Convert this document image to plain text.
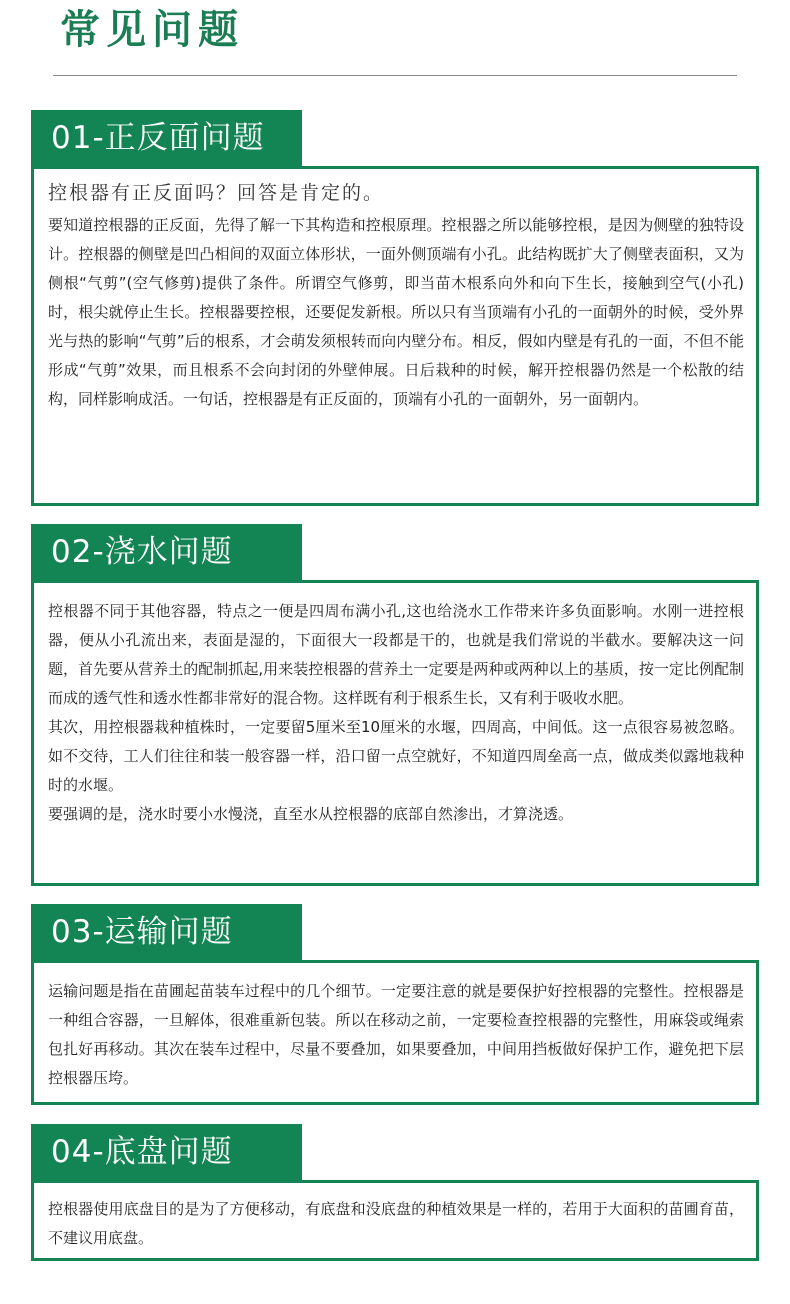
常见问题
01-正反面问题
控根器有正反面吗？回答是肯定的。

要知道控根器的正反面，先得了解一下其构造和控根原理。控根器之所以能够控根，是因为侧壁的独特设计。控根器的侧壁是凹凸相间的双面立体形状，一面外侧顶端有小孔。此结构既扩大了侧壁表面积，又为侧根“气剪”(空气修剪)提供了条件。所谓空气修剪，即当苗木根系向外和向下生长，接触到空气(小孔)时，根尖就停止生长。控根器要控根，还要促发新根。所以只有当顶端有小孔的一面朝外的时候，受外界光与热的影响“气剪”后的根系，才会萌发须根转而向内壁分布。相反，假如内壁是有孔的一面，不但不能形成“气剪”效果，而且根系不会向封闭的外壁伸展。日后栽种的时候，解开控根器仍然是一个松散的结构，同样影响成活。一句话，控根器是有正反面的，顶端有小孔的一面朝外，另一面朝内。

02-浇水问题

控根器不同于其他容器，特点之一便是四周布满小孔,这也给浇水工作带来许多负面影响。水刚一进控根器，便从小孔流出来，表面是湿的，下面很大一段都是干的，也就是我们常说的半截水。要解决这一问题，首先要从营养土的配制抓起,用来装控根器的营养土一定要是两种或两种以上的基质，按一定比例配制而成的透气性和透水性都非常好的混合物。这样既有利于根系生长，又有利于吸收水肥。

其次，用控根器栽种植株时，一定要留5厘米至10厘米的水堰，四周高，中间低。这一点很容易被忽略。如不交待，工人们往往和装一般容器一样，沿口留一点空就好，不知道四周垒高一点，做成类似露地栽种时的水堰。

要强调的是，浇水时要小水慢浇，直至水从控根器的底部自然渗出，才算浇透。

03-运输问题

运输问题是指在苗圃起苗装车过程中的几个细节。一定要注意的就是要保护好控根器的完整性。控根器是一种组合容器，一旦解体，很难重新包装。所以在移动之前，一定要检查控根器的完整性，用麻袋或绳索包扎好再移动。其次在装车过程中，尽量不要叠加，如果要叠加，中间用挡板做好保护工作，避免把下层控根器压垮。

04-底盘问题

控根器使用底盘目的是为了方便移动，有底盘和没底盘的种植效果是一样的，若用于大面积的苗圃育苗，不建议用底盘。
